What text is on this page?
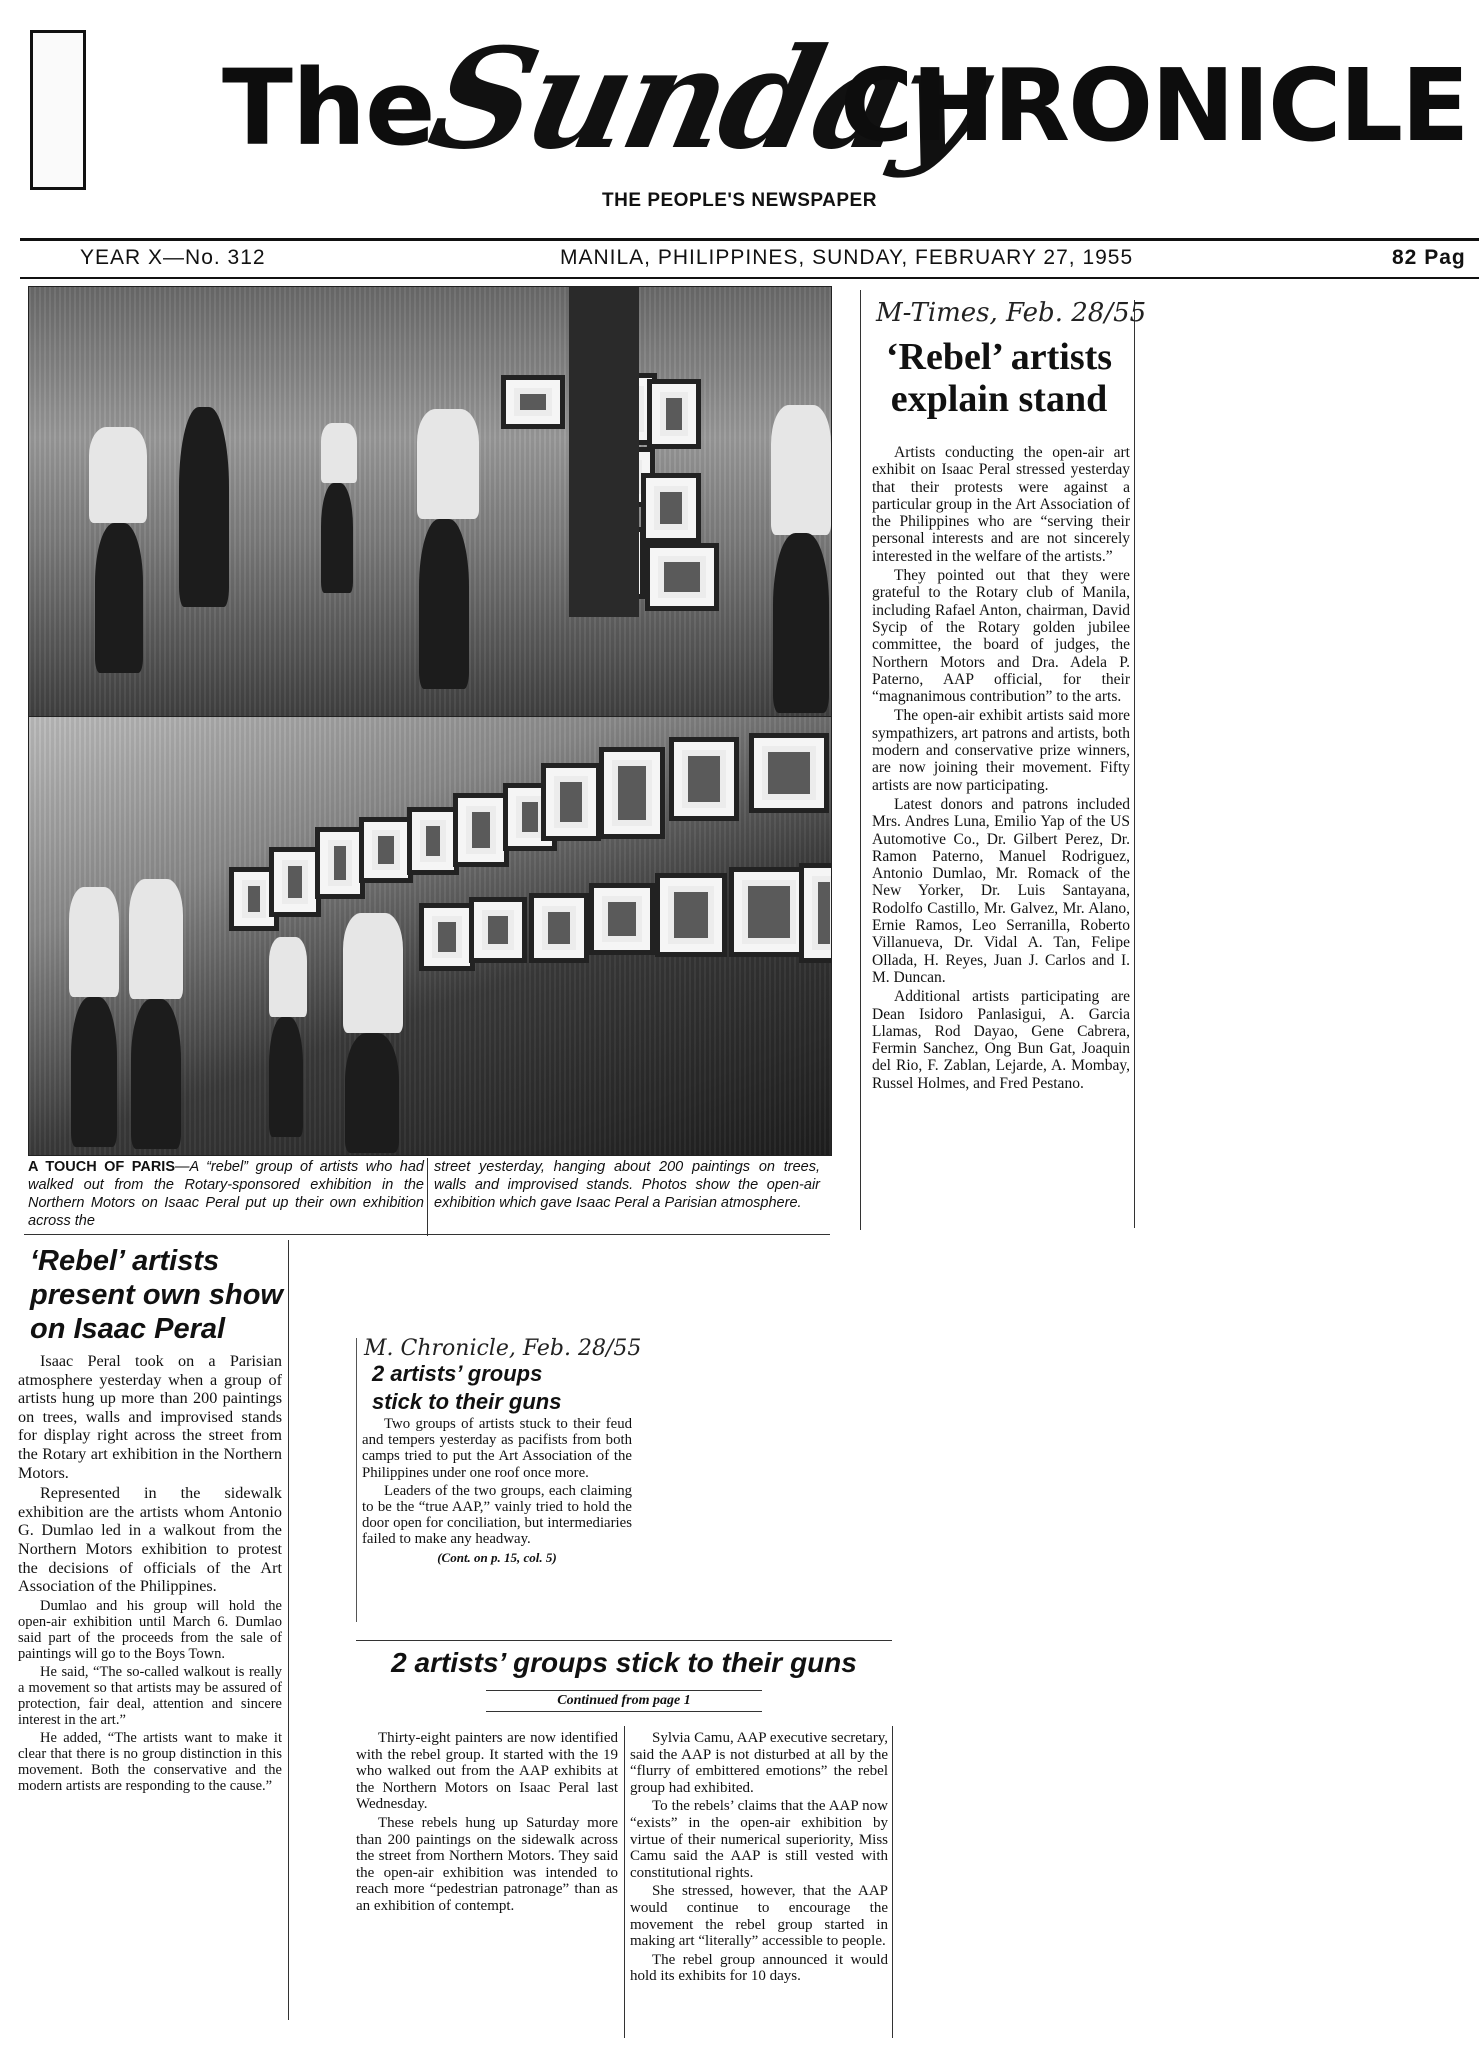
The
Sunday
CHRONICLE
THE PEOPLE'S NEWSPAPER
YEAR X—No. 312	MANILA, PHILIPPINES, SUNDAY, FEBRUARY 27, 1955	82 Pag
A TOUCH OF PARIS—A “rebel” group of artists who had walked out from the Rotary-sponsored exhibition in the Northern Motors on Isaac Peral put up their own exhibition across the
street yesterday, hanging about 200 paintings on trees, walls and improvised stands. Photos show the open-air exhibition which gave Isaac Peral a Parisian atmosphere.
M-Times, Feb. 28/55
‘Rebel’ artists
explain stand

Artists conducting the open-air art exhibit on Isaac Peral stressed yesterday that their protests were against a particular group in the Art Association of the Philippines who are “serving their personal interests and are not sincerely interested in the welfare of the artists.”

They pointed out that they were grateful to the Rotary club of Manila, including Rafael Anton, chairman, David Sycip of the Rotary golden jubilee committee, the board of judges, the Northern Motors and Dra. Adela P. Paterno, AAP official, for their “magnanimous contribution” to the arts.

The open-air exhibit artists said more sympathizers, art patrons and artists, both modern and conservative prize winners, are now joining their movement. Fifty artists are now participating.

Latest donors and patrons included Mrs. Andres Luna, Emilio Yap of the US Automotive Co., Dr. Gilbert Perez, Dr. Ramon Paterno, Manuel Rodriguez, Antonio Dumlao, Mr. Romack of the New Yorker, Dr. Luis Santayana, Rodolfo Castillo, Mr. Galvez, Mr. Alano, Ernie Ramos, Leo Serranilla, Roberto Villanueva, Dr. Vidal A. Tan, Felipe Ollada, H. Reyes, Juan J. Carlos and I. M. Duncan.

Additional artists participating are Dean Isidoro Panlasigui, A. Garcia Llamas, Rod Dayao, Gene Cabrera, Fermin Sanchez, Ong Bun Gat, Joaquin del Rio, F. Zablan, Lejarde, A. Mombay, Russel Holmes, and Fred Pestano.

‘Rebel’ artists
present own show
on Isaac Peral

Isaac Peral took on a Parisian atmosphere yesterday when a group of artists hung up more than 200 paintings on trees, walls and improvised stands for display right across the street from the Rotary art exhibition in the Northern Motors.

Represented in the sidewalk exhibition are the artists whom Antonio G. Dumlao led in a walkout from the Northern Motors exhibition to protest the decisions of officials of the Art Association of the Philippines.

Dumlao and his group will hold the open-air exhibition until March 6. Dumlao said part of the proceeds from the sale of paintings will go to the Boys Town.

He said, “The so-called walkout is really a movement so that artists may be assured of protection, fair deal, attention and sincere interest in the art.”

He added, “The artists want to make it clear that there is no group distinction in this movement. Both the conservative and the modern artists are responding to the cause.”

M. Chronicle, Feb. 28/55
2 artists’ groups
stick to their guns

Two groups of artists stuck to their feud and tempers yesterday as pacifists from both camps tried to put the Art Association of the Philippines under one roof once more.

Leaders of the two groups, each claiming to be the “true AAP,” vainly tried to hold the door open for conciliation, but intermediaries failed to make any headway.

(Cont. on p. 15, col. 5)
2 artists’ groups stick to their guns
Continued from page 1

Thirty-eight painters are now identified with the rebel group. It started with the 19 who walked out from the AAP exhibits at the Northern Motors on Isaac Peral last Wednesday.

These rebels hung up Saturday more than 200 paintings on the sidewalk across the street from Northern Motors. They said the open-air exhibition was intended to reach more “pedestrian patronage” than as an exhibition of contempt.

Sylvia Camu, AAP executive secretary, said the AAP is not disturbed at all by the “flurry of embittered emotions” the rebel group had exhibited.

To the rebels’ claims that the AAP now “exists” in the open-air exhibition by virtue of their numerical superiority, Miss Camu said the AAP is still vested with constitutional rights.

She stressed, however, that the AAP would continue to encourage the movement the rebel group started in making art “literally” accessible to people.

The rebel group announced it would hold its exhibits for 10 days.
